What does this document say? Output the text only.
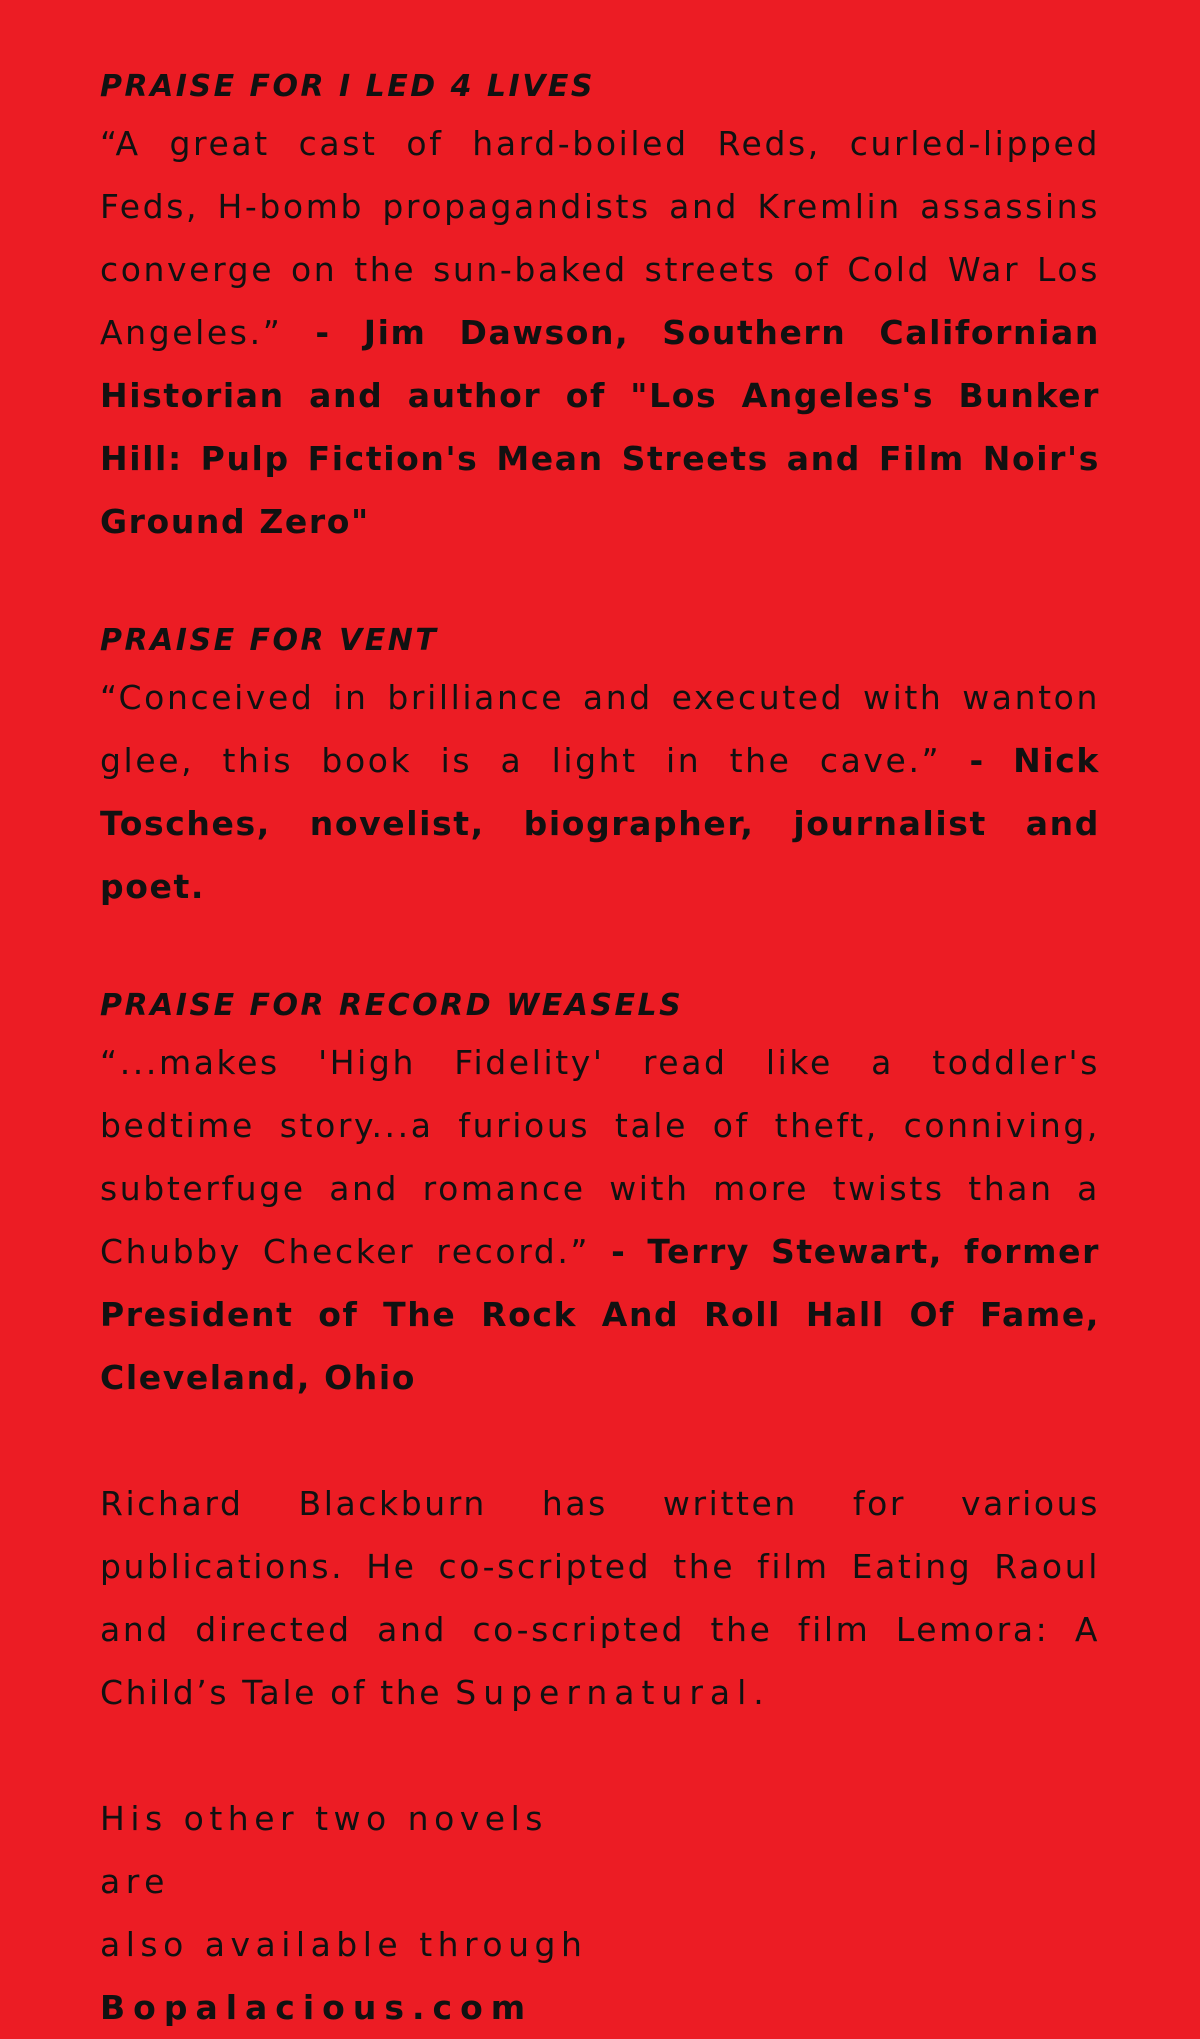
PRAISE FOR I LED 4 LIVES

“A great cast of hard-boiled Reds, curled-lipped Feds, H-bomb propagandists and Kremlin assassins converge on the sun-baked streets of Cold War Los Angeles.” - Jim Dawson, Southern Californian Historian and author of "Los Angeles's Bunker Hill: Pulp Fiction's Mean Streets and Film Noir's Ground Zero"

PRAISE FOR VENT

“Conceived in brilliance and executed with wanton glee, this book is a light in the cave.” - Nick Tosches, novelist, biographer, journalist and poet.

PRAISE FOR RECORD WEASELS

“...makes 'High Fidelity' read like a toddler's bedtime story...a furious tale of theft, conniving, subterfuge and romance with more twists than a Chubby Checker record.” - Terry Stewart, former President of The Rock And Roll Hall Of Fame, Cleveland, Ohio

Richard Blackburn has written for various publications. He co-scripted the film Eating Raoul and directed and co-scripted the film Lemora: A Child’s Tale of the Supernatural.

His other two novels are
also available through
Bopalacious.com
